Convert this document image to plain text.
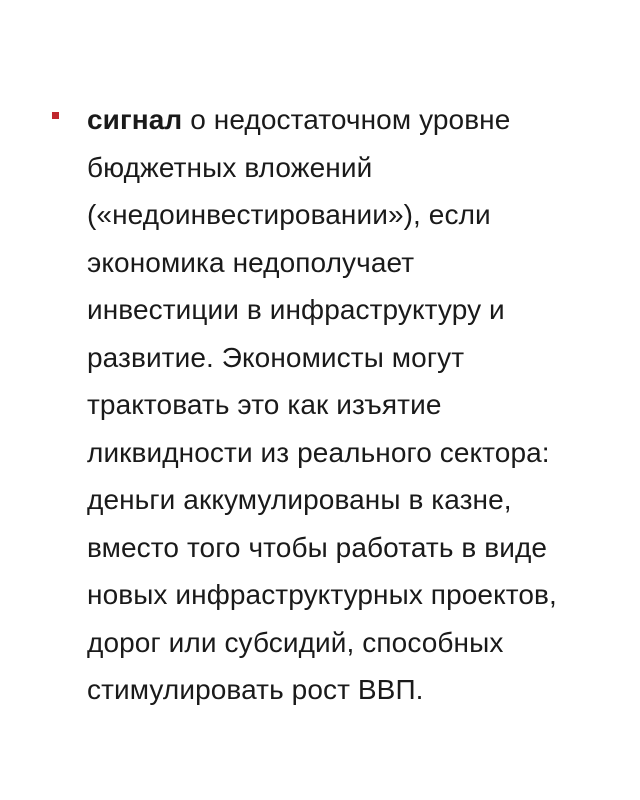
сигнал о недостаточном уровне
бюджетных вложений
(«недоинвестировании»), если
экономика недополучает
инвестиции в инфраструктуру и
развитие. Экономисты могут
трактовать это как изъятие
ликвидности из реального сектора:
деньги аккумулированы в казне,
вместо того чтобы работать в виде
новых инфраструктурных проектов,
дорог или субсидий, способных
стимулировать рост ВВП.
